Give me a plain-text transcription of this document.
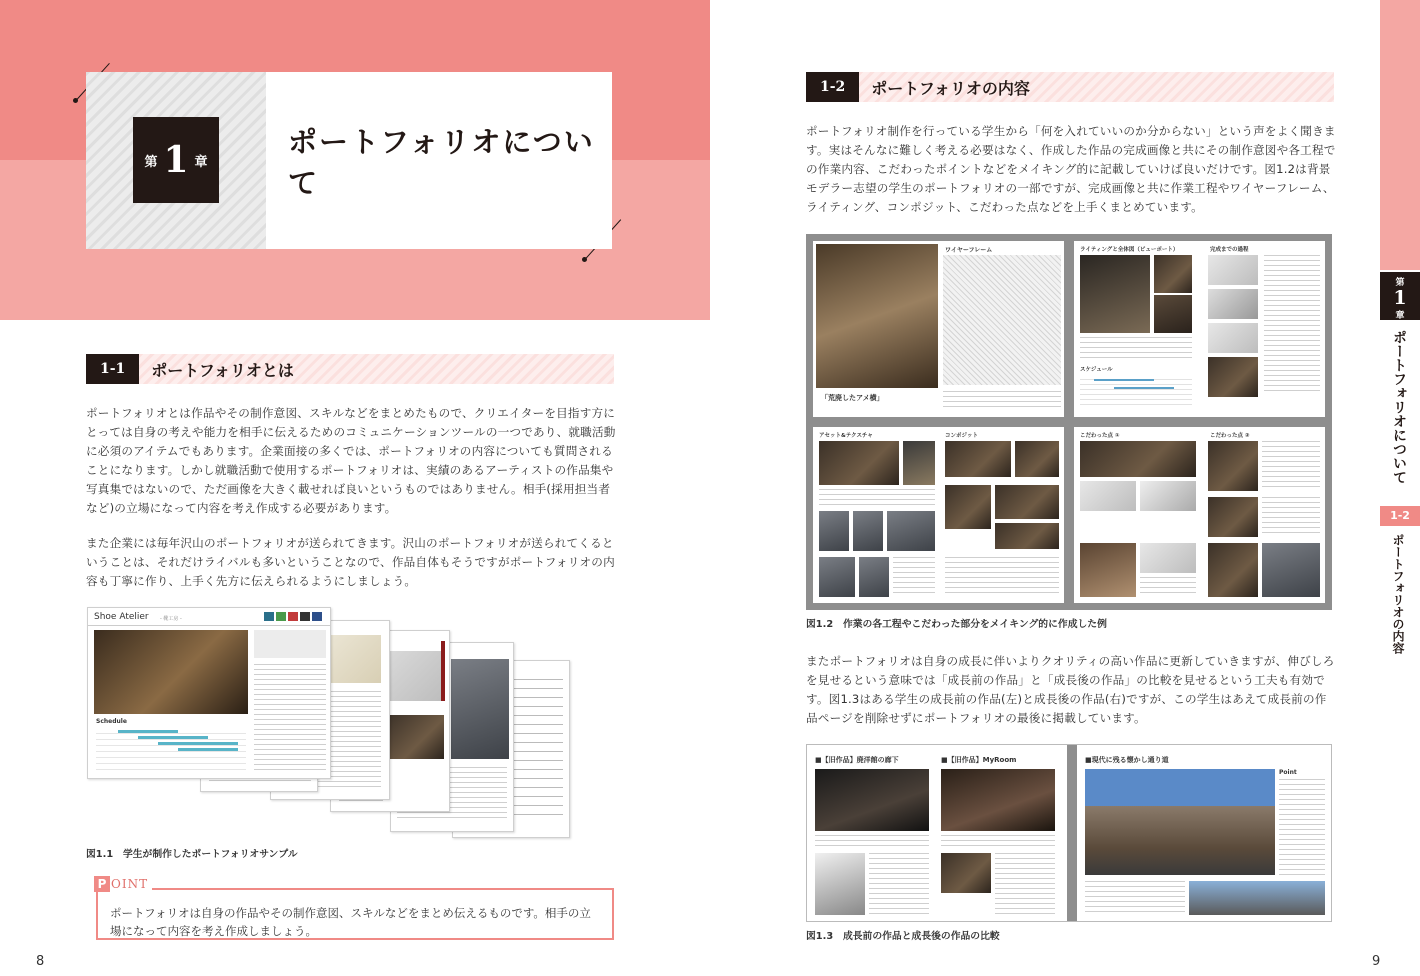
第 1 章
ポートフォリオについて
1-1	ポートフォリオとは

ポートフォリオとは作品やその制作意図、スキルなどをまとめたもので、クリエイターを目指す方にとっては自身の考えや能力を相手に伝えるためのコミュニケーションツールの一つであり、就職活動に必須のアイテムでもあります。企業面接の多くでは、ポートフォリオの内容についても質問されることになります。しかし就職活動で使用するポートフォリオは、実績のあるアーティストの作品集や写真集ではないので、ただ画像を大きく載せれば良いというものではありません。相手(採用担当者など)の立場になって内容を考え作成する必要があります。

また企業には毎年沢山のポートフォリオが送られてきます。沢山のポートフォリオが送られてくるということは、それだけライバルも多いということなので、作品自体もそうですがポートフォリオの内容も丁寧に作り、上手く先方に伝えられるようにしましょう。

Shoe Atelier - 靴工房 -
Schedule
図1.1　学生が制作したポートフォリオサンプル

ポートフォリオは自身の作品やその制作意図、スキルなどをまとめ伝えるものです。相手の立場になって内容を考え作成しましょう。

P OINT
8
1-2	ポートフォリオの内容

ポートフォリオ制作を行っている学生から「何を入れていいのか分からない」という声をよく聞きます。実はそんなに難しく考える必要はなく、作成した作品の完成画像と共にその制作意図や各工程での作業内容、こだわったポイントなどをメイキング的に記載していけば良いだけです。図1.2は背景モデラー志望の学生のポートフォリオの一部ですが、完成画像と共に作業工程やワイヤーフレーム、ライティング、コンポジット、こだわった点などを上手くまとめています。

ワイヤーフレーム
「荒廃したアメ横」
ライティングと全体図（ビューポート）	完成までの過程
スケジュール
アセット&テクスチャ	コンポジット	こだわった点 ①	こだわった点 ②
図1.2　作業の各工程やこだわった部分をメイキング的に作成した例

またポートフォリオは自身の成長に伴いよりクオリティの高い作品に更新していきますが、伸びしろを見せるという意味では「成長前の作品」と「成長後の作品」の比較を見せるという工夫も有効です。図1.3はある学生の成長前の作品(左)と成長後の作品(右)ですが、この学生はあえて成長前の作品ページを削除せずにポートフォリオの最後に掲載しています。

■【旧作品】廃洋館の廊下	■【旧作品】MyRoom	■現代に残る懐かし通り道
Point
図1.3　成長前の作品と成長後の作品の比較
9
第
1
章
ポートフォリオについて
1-2
ポートフォリオの内容
